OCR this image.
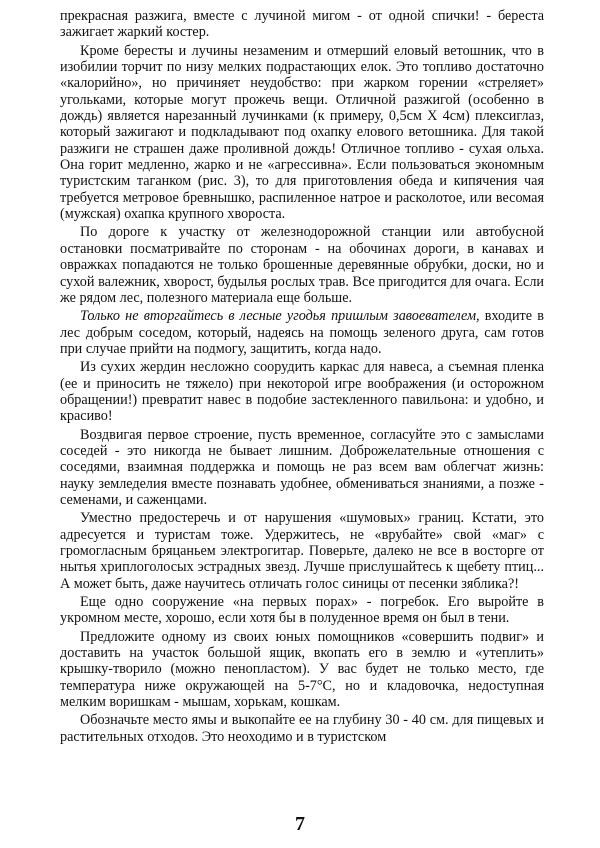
прекрасная разжига, вместе с лучиной мигом - от одной спички! - береста зажигает жаркий костер.

Кроме бересты и лучины незаменим и отмерший еловый ветошник, что в изобилии торчит по низу мелких подрастающих елок. Это топливо достаточно «калорийно», но причиняет неудобство: при жарком горении «стреляет» угольками, которые могут прожечь вещи. Отличной разжигой (особенно в дождь) является нарезанный лучинками (к примеру, 0,5см Х 4см) плексиглаз, который зажигают и подкладывают под охапку елового ветошника. Для такой разжиги не страшен даже проливной дождь! Отличное топливо - сухая ольха. Она горит медленно, жарко и не «агрессивна». Если пользоваться экономным туристским таганком (рис. 3), то для приготовления обеда и кипячения чая требуется метровое бревнышко, распиленное натрое и расколотое, или весомая (мужская) охапка крупного хвороста.

По дороге к участку от железнодорожной станции или автобусной остановки посматривайте по сторонам - на обочинах дороги, в канавах и овражках попадаются не только брошенные деревянные обрубки, доски, но и сухой валежник, хворост, будылья рослых трав. Все пригодится для очага. Если же рядом лес, полезного материала еще больше.

Только не вторгайтесь в лесные угодья пришлым завоевателем, входите в лес добрым соседом, который, надеясь на помощь зеленого друга, сам готов при случае прийти на подмогу, защитить, когда надо.

Из сухих жердин несложно соорудить каркас для навеса, а съемная пленка (ее и приносить не тяжело) при некоторой игре воображения (и осторожном обращении!) превратит навес в подобие застекленного павильона: и удобно, и красиво!

Воздвигая первое строение, пусть временное, согласуйте это с замыслами соседей - это никогда не бывает лишним. Доброжелательные отношения с соседями, взаимная поддержка и помощь не раз всем вам облегчат жизнь: науку земледелия вместе познавать удобнее, обмениваться знаниями, а позже - семенами, и саженцами.

Уместно предостеречь и от нарушения «шумовых» границ. Кстати, это адресуется и туристам тоже. Удержитесь, не «врубайте» свой «маг» с громогласным бряцаньем электрогитар. Поверьте, далеко не все в восторге от нытья хриплоголосых эстрадных звезд. Лучше прислушайтесь к щебету птиц... А может быть, даже научитесь отличать голос синицы от песенки зяблика?!

Еще одно сооружение «на первых порах» - погребок. Его выройте в укромном месте, хорошо, если хотя бы в полуденное время он был в тени.

Предложите одному из своих юных помощников «совершить подвиг» и доставить на участок большой ящик, вкопать его в землю и «утеплить» крышку-творило (можно пенопластом). У вас будет не только место, где температура ниже окружающей на 5-7°С, но и кладовочка, недоступная мелким воришкам - мышам, хорькам, кошкам.

Обозначьте место ямы и выкопайте ее на глубину 30 - 40 см. для пищевых и растительных отходов. Это неоходимо и в туристском

7
